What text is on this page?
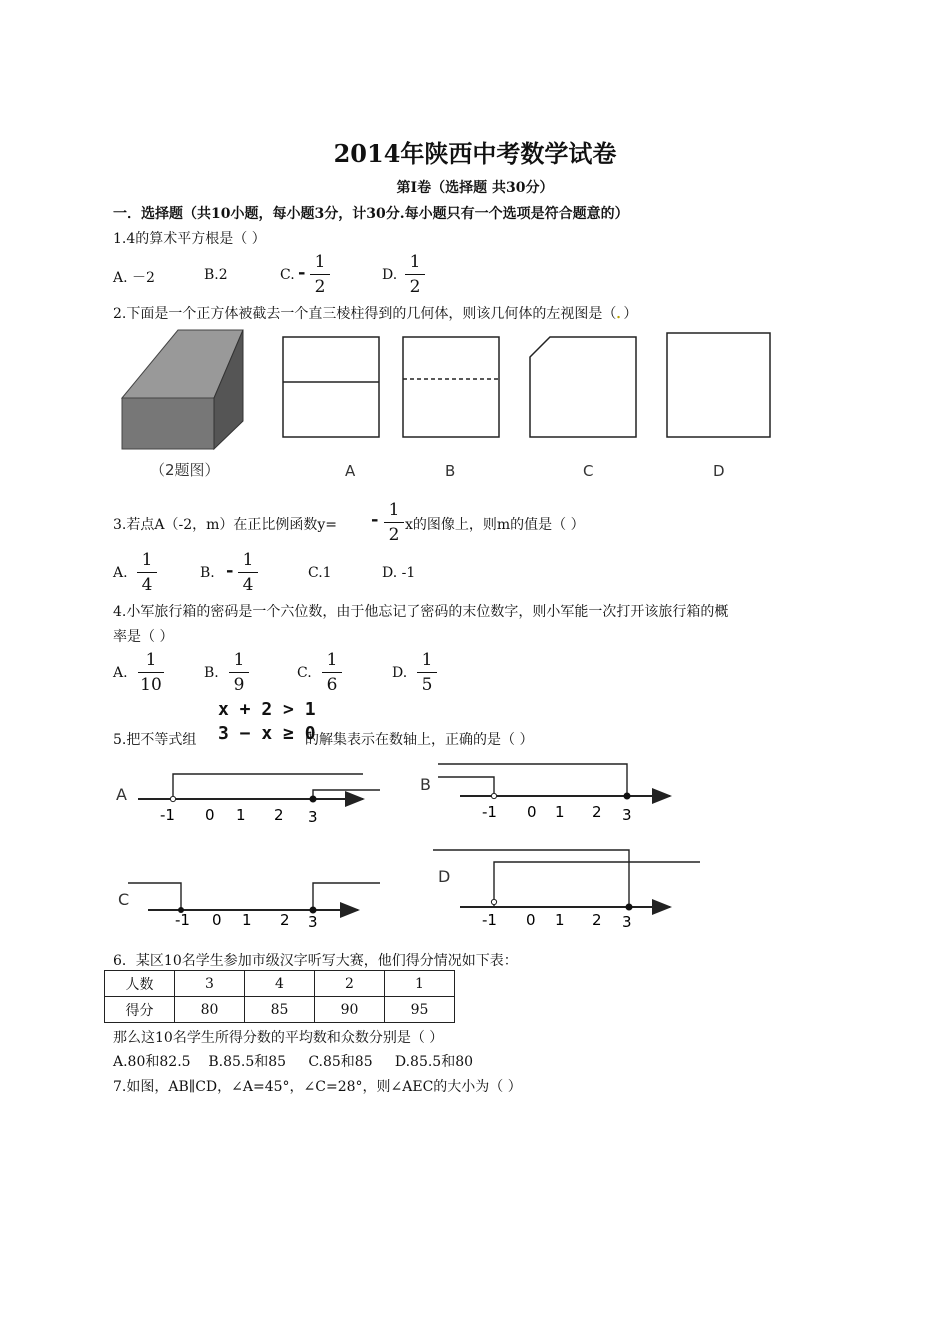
2014年陕西中考数学试卷
第Ⅰ卷（选择题 共30分）
一．选择题（共10小题，每小题3分，计30分.每小题只有一个选项是符合题意的）
1.4的算术平方根是（ ）
A. －2	B.2	C. - 1
2
D.
1
2
2.下面是一个正方体被截去一个直三棱柱得到的几何体，则该几何体的左视图是（．）
（2题图）	A	B	C	D
3.若点A（-2，m）在正比例函数y= - 1
2 x的图像上，则m的值是（ ）
A.
1
4
B. - 1
4
C.1	D. -1
4.小军旅行箱的密码是一个六位数，由于他忘记了密码的末位数字，则小军能一次打开该旅行箱的概
率是（ ）
A.
1
10
B.
1
9
C.
1
6
D.
1
5
x + 2 > 1
5.把不等式组 3 − x ≥ 0
的解集表示在数轴上，正确的是（ ）
A
-1 0 1 2 3
B
-1 0 1 2 3
C
-1 0 1 2 3
D
-1 0 1 2 3
6．某区10名学生参加市级汉字听写大赛，他们得分情况如下表：
人数	3	4	2	1
得分	80	85	90	95
那么这10名学生所得分数的平均数和众数分别是（ ）
A.80和82.5    B.85.5和85     C.85和85     D.85.5和80
7.如图，AB∥CD，∠A=45°，∠C=28°，则∠AEC的大小为（ ）
